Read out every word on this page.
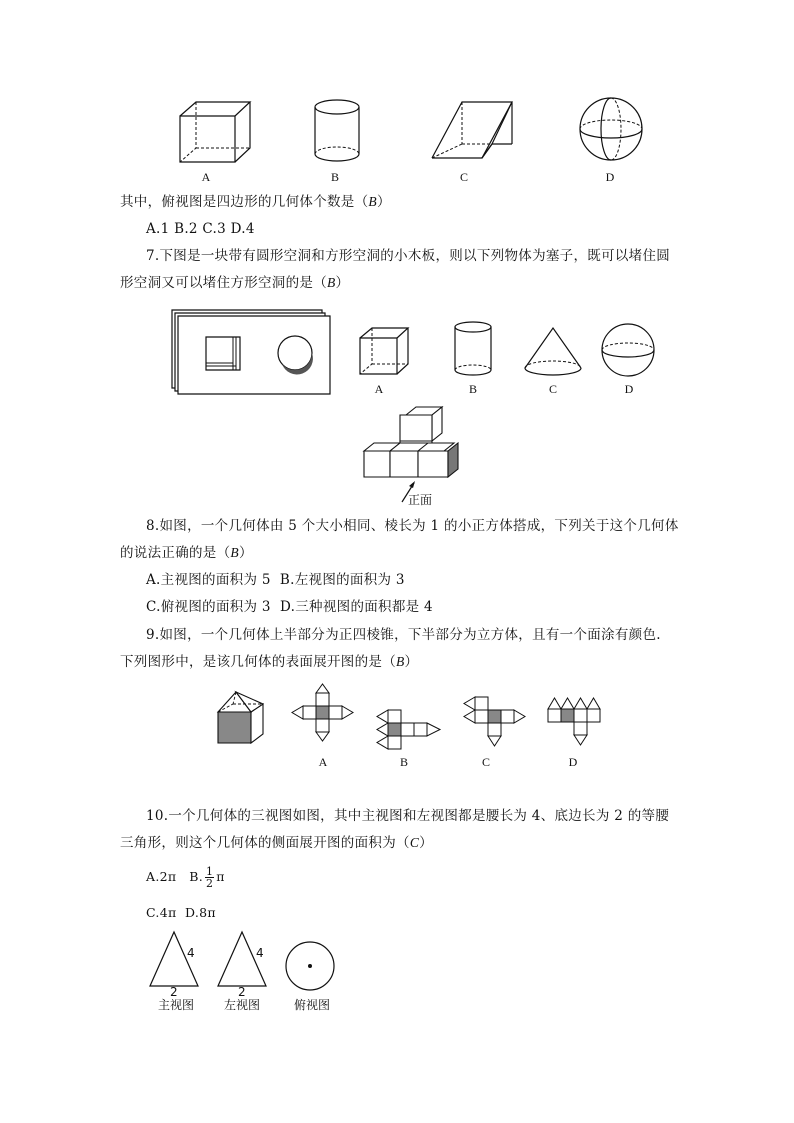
A	B	C	D
其中，俯视图是四边形的几何体个数是（B）
A.1 B.2 C.3 D.4
7.下图是一块带有圆形空洞和方形空洞的小木板，则以下列物体为塞子，既可以堵住圆
形空洞又可以堵住方形空洞的是（B）
A	B	C	D
正面
8.如图，一个几何体由 5 个大小相同、棱长为 1 的小正方体搭成，下列关于这个几何体
的说法正确的是（B）
A.主视图的面积为 5 B.左视图的面积为 3
C.俯视图的面积为 3 D.三种视图的面积都是 4
9.如图，一个几何体上半部分为正四棱锥，下半部分为立方体，且有一个面涂有颜色.
下列图形中，是该几何体的表面展开图的是（B）
A	B	C	D
10.一个几何体的三视图如图，其中主视图和左视图都是腰长为 4、底边长为 2 的等腰
三角形，则这个几何体的侧面展开图的面积为（C）
A.2π B. $\frac{1}{2}$ π
C.4π D.8π
4
2
4
2
主视图 左视图	俯视图
